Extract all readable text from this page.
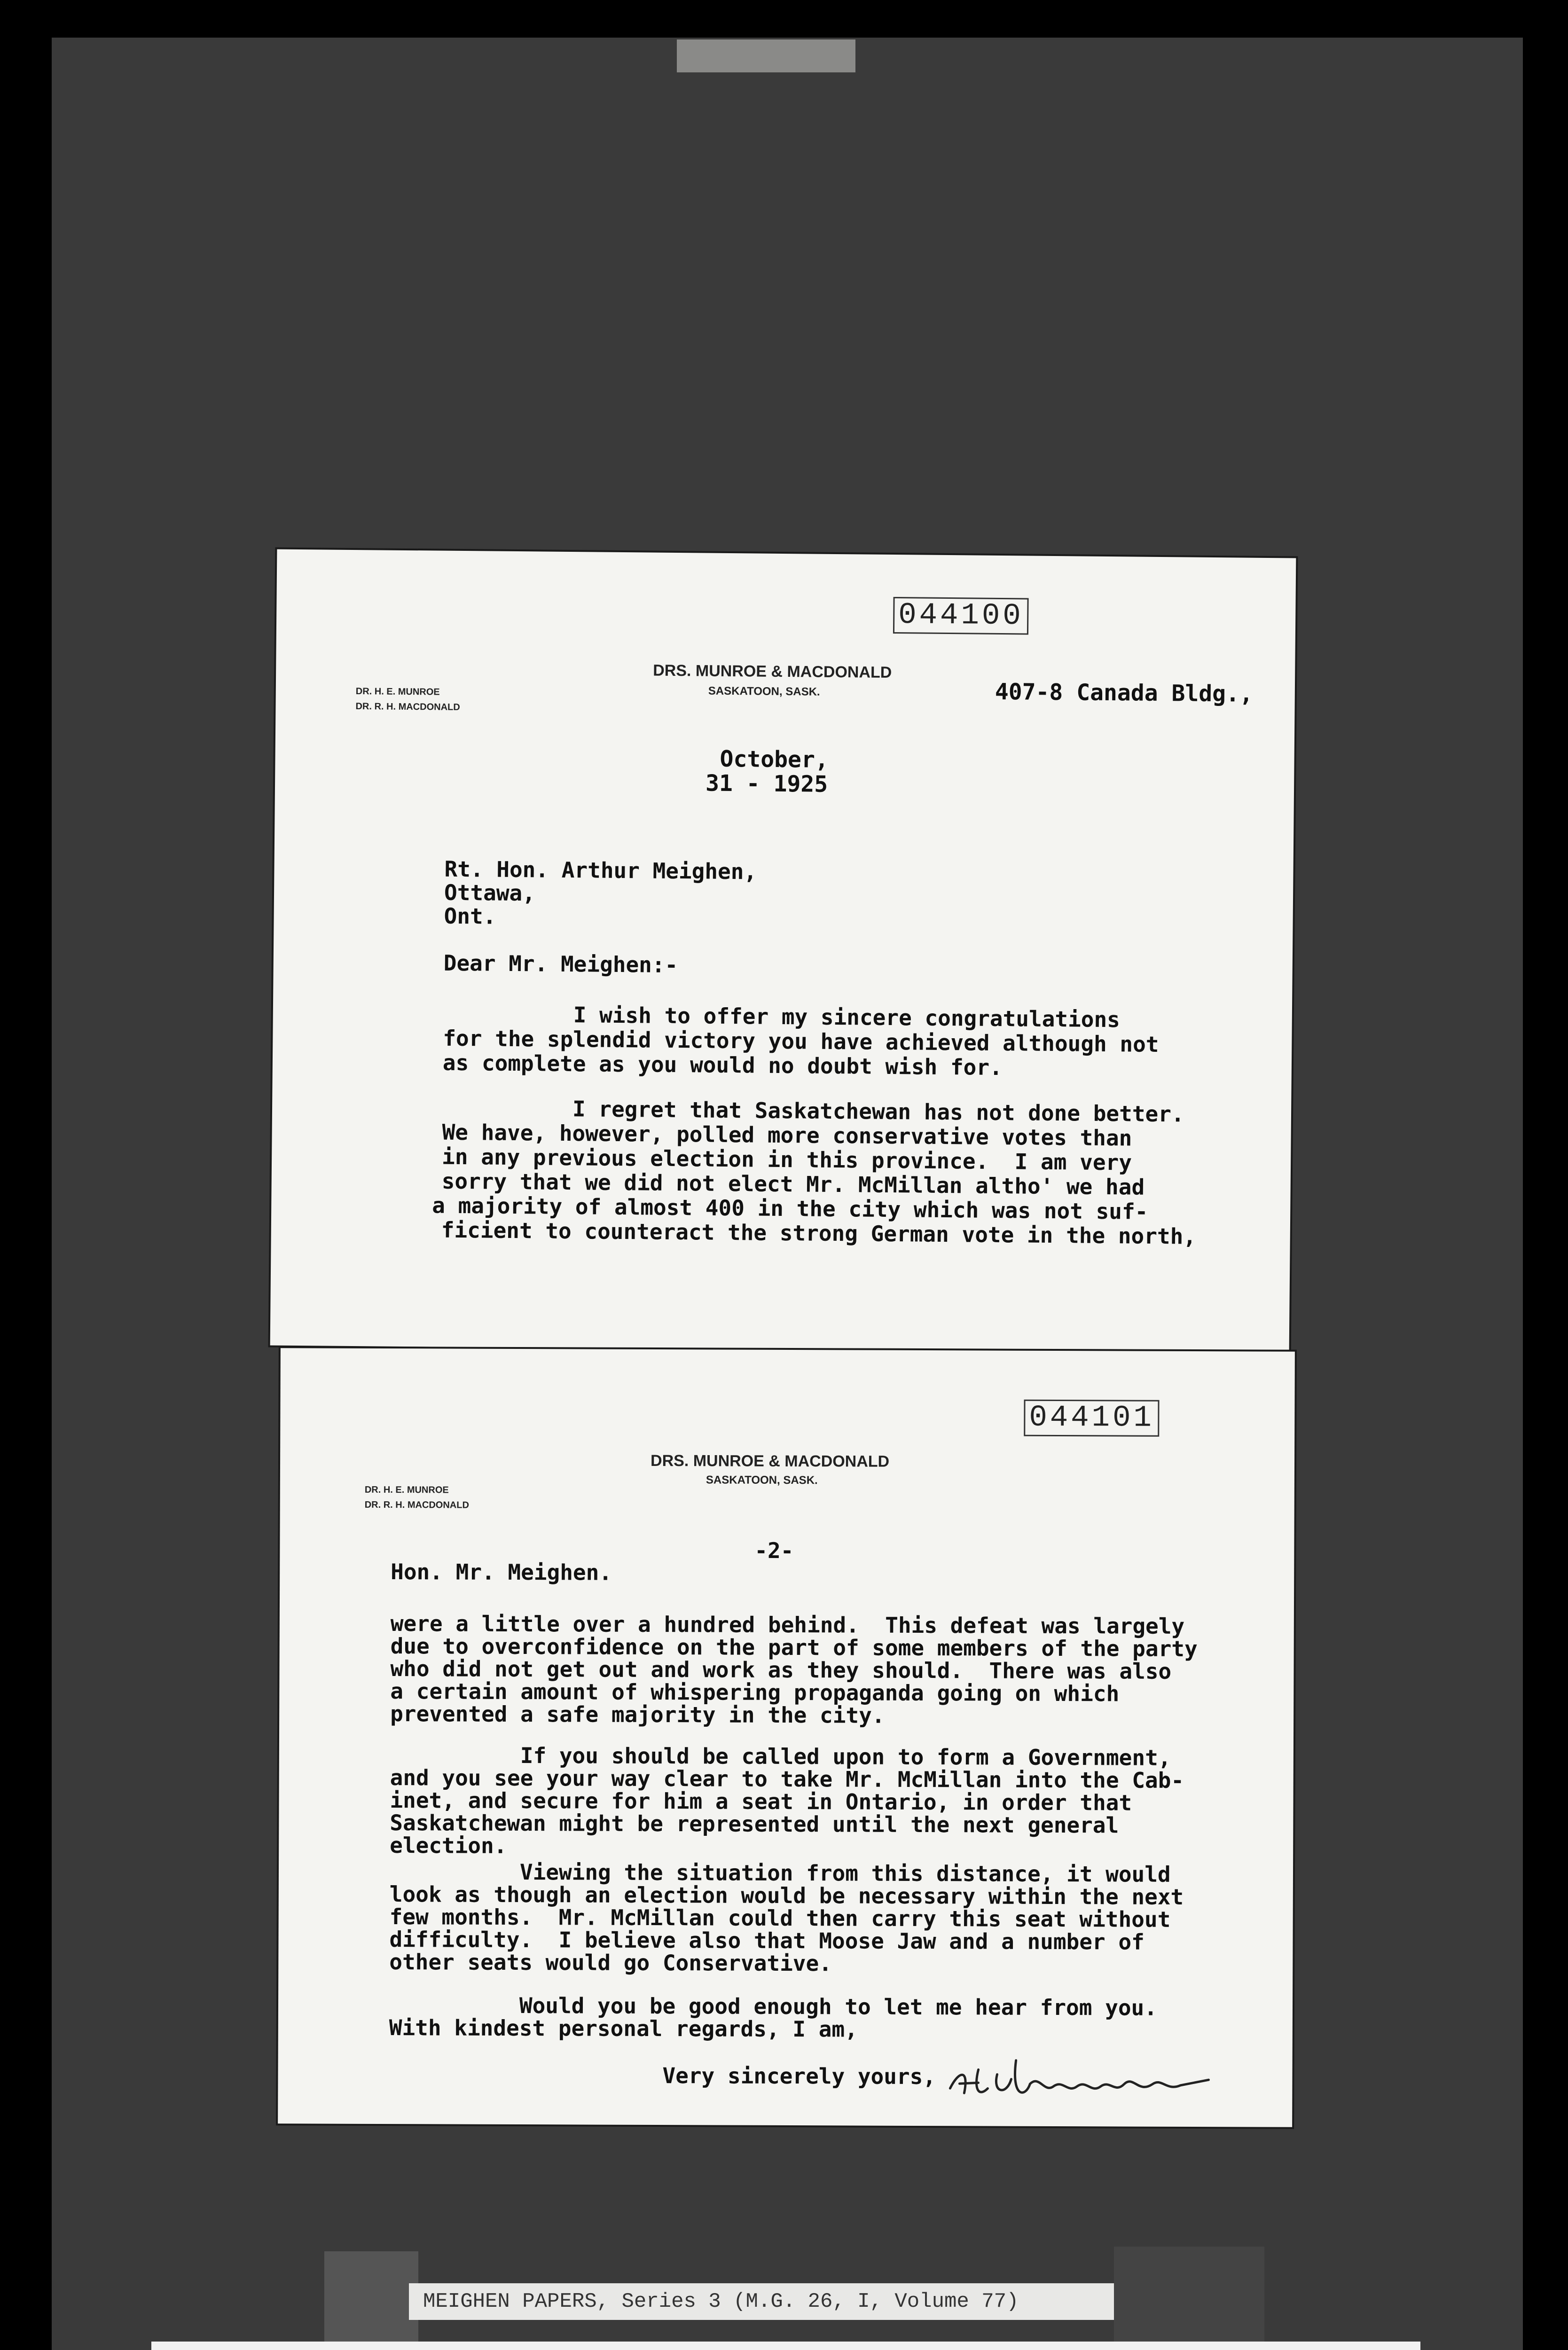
044100
DR. H. E. MUNROE
DR. R. H. MACDONALD
DRS. MUNROE & MACDONALD
SASKATOON, SASK.	407-8 Canada Bldg.,
October,
31 - 1925
Rt. Hon. Arthur Meighen,
Ottawa,
Ont.
Dear Mr. Meighen:-
I wish to offer my sincere congratulations
for the splendid victory you have achieved although not
as complete as you would no doubt wish for.
I regret that Saskatchewan has not done better.
We have, however, polled more conservative votes than
in any previous election in this province.  I am very
sorry that we did not elect Mr. McMillan altho' we had
a majority of almost 400 in the city which was not suf-
ficient to counteract the strong German vote in the north,
044101
DR. H. E. MUNROE
DR. R. H. MACDONALD
DRS. MUNROE & MACDONALD
SASKATOON, SASK.
-2-
Hon. Mr. Meighen.
were a little over a hundred behind.  This defeat was largely
due to overconfidence on the part of some members of the party
who did not get out and work as they should.  There was also
a certain amount of whispering propaganda going on which
prevented a safe majority in the city.
If you should be called upon to form a Government,
and you see your way clear to take Mr. McMillan into the Cab-
inet, and secure for him a seat in Ontario, in order that
Saskatchewan might be represented until the next general
election.
Viewing the situation from this distance, it would
look as though an election would be necessary within the next
few months.  Mr. McMillan could then carry this seat without
difficulty.  I believe also that Moose Jaw and a number of
other seats would go Conservative.
Would you be good enough to let me hear from you.
With kindest personal regards, I am,
Very sincerely yours,
MEIGHEN PAPERS, Series 3 (M.G. 26, I, Volume 77)
